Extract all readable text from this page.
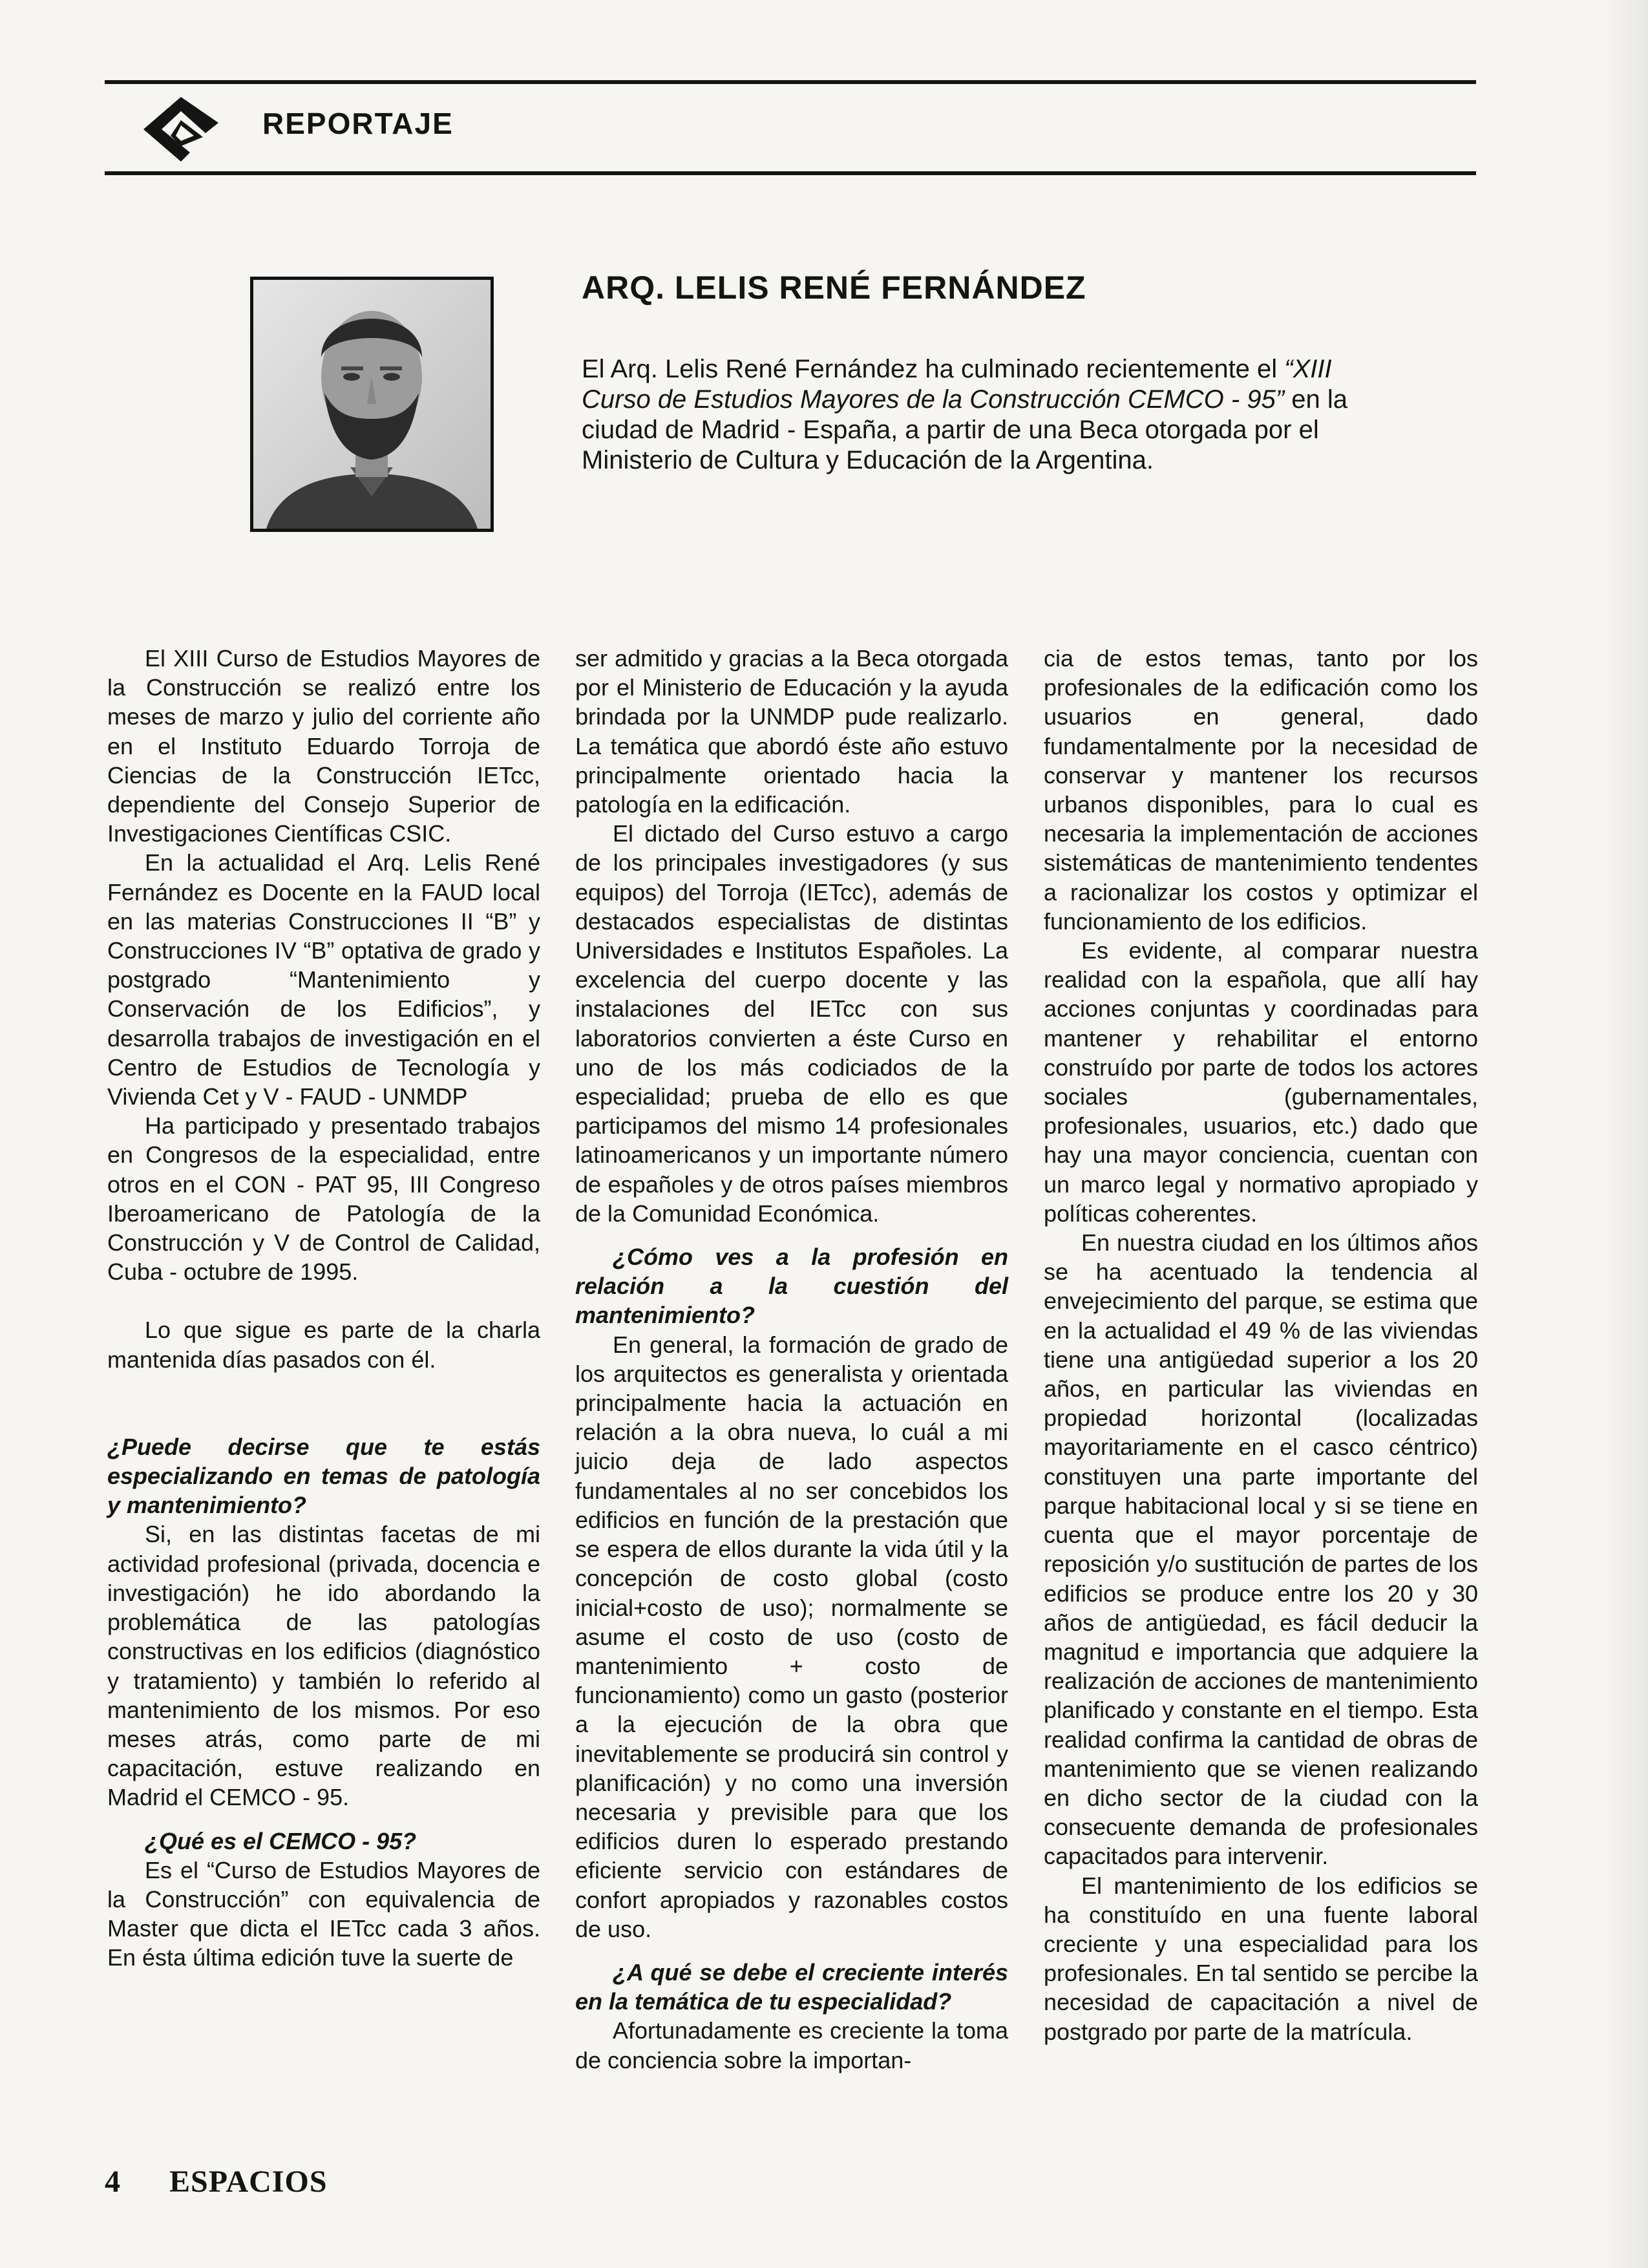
REPORTAJE
ARQ. LELIS RENÉ FERNÁNDEZ

El Arq. Lelis René Fernández ha culminado recientemente el “XIII Curso de Estudios Mayores de la Construcción CEMCO - 95” en la ciudad de Madrid - España, a partir de una Beca otorgada por el Ministerio de Cultura y Educación de la Argentina.

El XIII Curso de Estudios Mayores de la Construcción se realizó entre los meses de marzo y julio del corriente año en el Instituto Eduardo Torroja de Ciencias de la Construcción IETcc, dependiente del Consejo Superior de Investigaciones Científicas CSIC.

En la actualidad el Arq. Lelis René Fernández es Docente en la FAUD local en las materias Construcciones II “B” y Construcciones IV “B” optativa de grado y postgrado “Mantenimiento y Conservación de los Edificios”, y desarrolla trabajos de investigación en el Centro de Estudios de Tecnología y Vivienda Cet y V - FAUD - UNMDP

Ha participado y presentado trabajos en Congresos de la especialidad, entre otros en el CON - PAT 95, III Congreso Iberoamericano de Patología de la Construcción y V de Control de Calidad, Cuba - octubre de 1995.

Lo que sigue es parte de la charla mantenida días pasados con él.

¿Puede decirse que te estás especializando en temas de patología y mantenimiento?

Si, en las distintas facetas de mi actividad profesional (privada, docencia e investigación) he ido abordando la problemática de las patologías constructivas en los edificios (diagnóstico y tratamiento) y también lo referido al mantenimiento de los mismos. Por eso meses atrás, como parte de mi capacitación, estuve realizando en Madrid el CEMCO - 95.

¿Qué es el CEMCO - 95?

Es el “Curso de Estudios Mayores de la Construcción” con equivalencia de Master que dicta el IETcc cada 3 años. En ésta última edición tuve la suerte de

ser admitido y gracias a la Beca otorgada por el Ministerio de Educación y la ayuda brindada por la UNMDP pude realizarlo. La temática que abordó éste año estuvo principalmente orientado hacia la patología en la edificación.

El dictado del Curso estuvo a cargo de los principales investigadores (y sus equipos) del Torroja (IETcc), además de destacados especialistas de distintas Universidades e Institutos Españoles. La excelencia del cuerpo docente y las instalaciones del IETcc con sus laboratorios convierten a éste Curso en uno de los más codiciados de la especialidad; prueba de ello es que participamos del mismo 14 profesionales latinoamericanos y un importante número de españoles y de otros países miembros de la Comunidad Económica.

¿Cómo ves a la profesión en relación a la cuestión del mantenimiento?

En general, la formación de grado de los arquitectos es generalista y orientada principalmente hacia la actuación en relación a la obra nueva, lo cuál a mi juicio deja de lado aspectos fundamentales al no ser concebidos los edificios en función de la prestación que se espera de ellos durante la vida útil y la concepción de costo global (costo inicial+costo de uso); normalmente se asume el costo de uso (costo de mantenimiento + costo de funcionamiento) como un gasto (posterior a la ejecución de la obra que inevitablemente se producirá sin control y planificación) y no como una inversión necesaria y previsible para que los edificios duren lo esperado prestando eficiente servicio con estándares de confort apropiados y razonables costos de uso.

¿A qué se debe el creciente interés en la temática de tu especialidad?

Afortunadamente es creciente la toma de conciencia sobre la importan-

cia de estos temas, tanto por los profesionales de la edificación como los usuarios en general, dado fundamentalmente por la necesidad de conservar y mantener los recursos urbanos disponibles, para lo cual es necesaria la implementación de acciones sistemáticas de mantenimiento tendentes a racionalizar los costos y optimizar el funcionamiento de los edificios.

Es evidente, al comparar nuestra realidad con la española, que allí hay acciones conjuntas y coordinadas para mantener y rehabilitar el entorno construído por parte de todos los actores sociales (gubernamentales, profesionales, usuarios, etc.) dado que hay una mayor conciencia, cuentan con un marco legal y normativo apropiado y políticas coherentes.

En nuestra ciudad en los últimos años se ha acentuado la tendencia al envejecimiento del parque, se estima que en la actualidad el 49 % de las viviendas tiene una antigüedad superior a los 20 años, en particular las viviendas en propiedad horizontal (localizadas mayoritariamente en el casco céntrico) constituyen una parte importante del parque habitacional local y si se tiene en cuenta que el mayor porcentaje de reposición y/o sustitución de partes de los edificios se produce entre los 20 y 30 años de antigüedad, es fácil deducir la magnitud e importancia que adquiere la realización de acciones de mantenimiento planificado y constante en el tiempo. Esta realidad confirma la cantidad de obras de mantenimiento que se vienen realizando en dicho sector de la ciudad con la consecuente demanda de profesionales capacitados para intervenir.

El mantenimiento de los edificios se ha constituído en una fuente laboral creciente y una especialidad para los profesionales. En tal sentido se percibe la necesidad de capacitación a nivel de postgrado por parte de la matrícula.

4 ESPACIOS
